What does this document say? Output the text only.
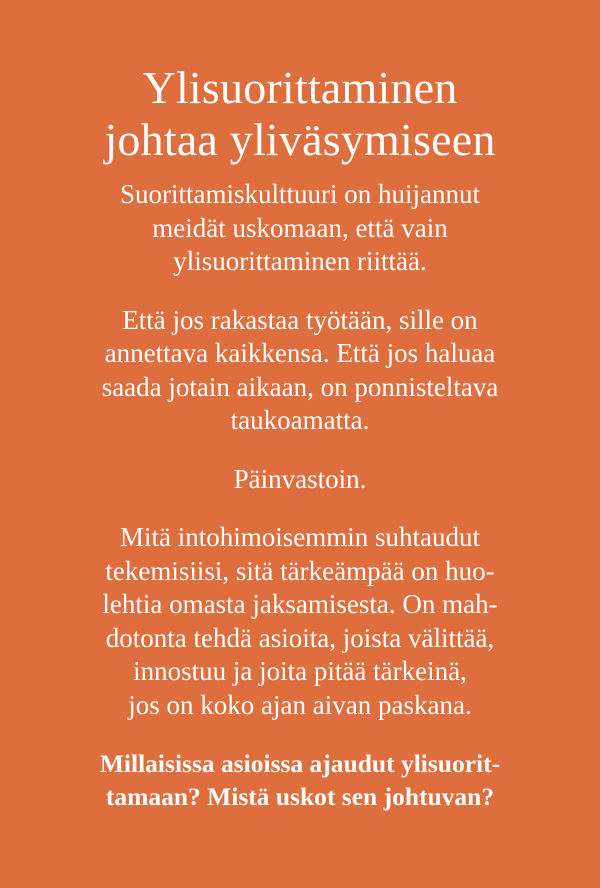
Ylisuorittaminen
johtaa yliväsymiseen

Suorittamiskulttuuri on huijannut
meidät uskomaan, että vain
ylisuorittaminen riittää.

Että jos rakastaa työtään, sille on
annettava kaikkensa. Että jos haluaa
saada jotain aikaan, on ponnisteltava
taukoamatta.

Päinvastoin.

Mitä intohimoisemmin suhtaudut
tekemisiisi, sitä tärkeämpää on huo-
lehtia omasta jaksamisesta. On mah-
dotonta tehdä asioita, joista välittää,
innostuu ja joita pitää tärkeinä,
jos on koko ajan aivan paskana.

Millaisissa asioissa ajaudut ylisuorit-
tamaan? Mistä uskot sen johtuvan?
